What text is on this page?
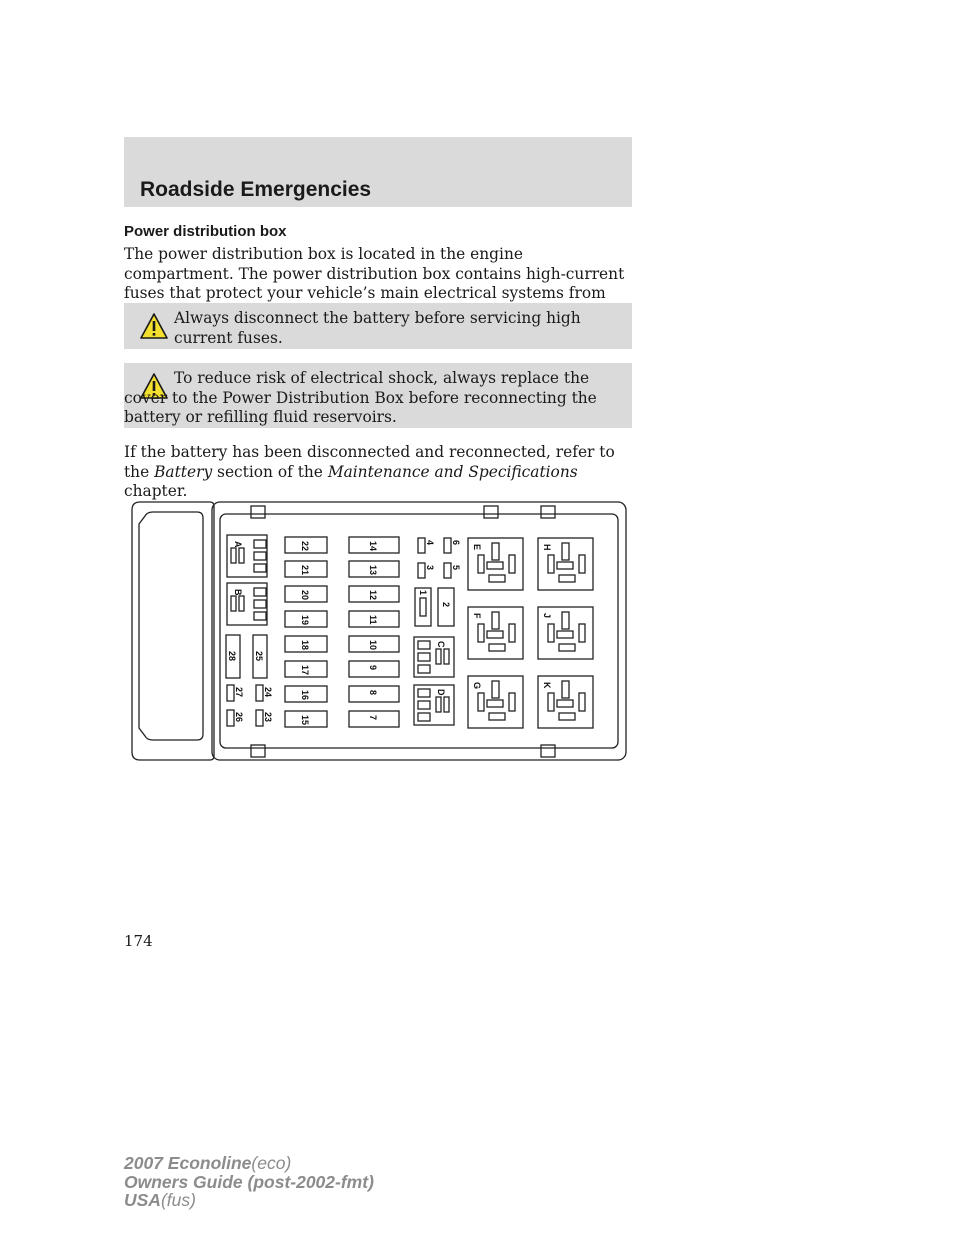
Roadside Emergencies
Power distribution box
The power distribution box is located in the engine compartment. The power distribution box contains high-current fuses that protect your vehicle’s main electrical systems from
Always disconnect the battery before servicing high current fuses.
To reduce risk of electrical shock, always replace the cover to the Power Distribution Box before reconnecting the battery or refilling fluid reservoirs.
If the battery has been disconnected and reconnected, refer to the Battery section of the Maintenance and Specifications chapter.
A
B
C
D
E
F
G
H
J
K
28 25
27 24
26 23
6
4
5
3
1
2
22
21
20
19
18
17
16
15
14
13
12
11
10
9
8
7
174
2007 Econoline(eco)
Owners Guide (post-2002-fmt)
USA(fus)
